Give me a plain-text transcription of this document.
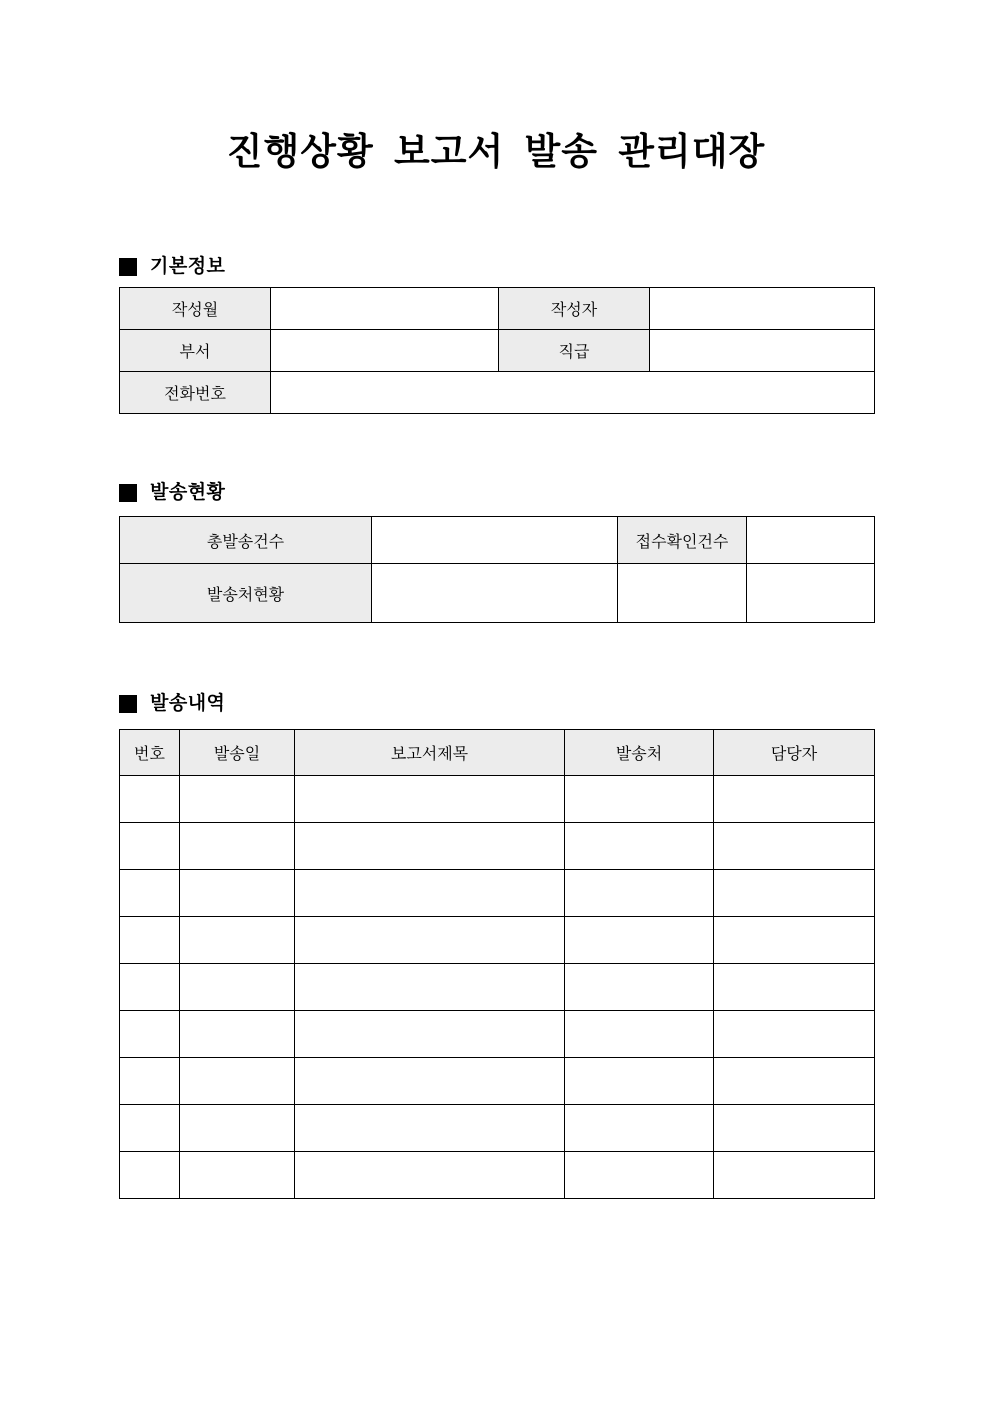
진행상황 보고서 발송 관리대장
기본정보
작성월		작성자	
부서		직급	
전화번호			
발송현황
총발송건수		접수확인건수	
발송처현황			
발송내역
번호	발송일	보고서제목	발송처	담당자
